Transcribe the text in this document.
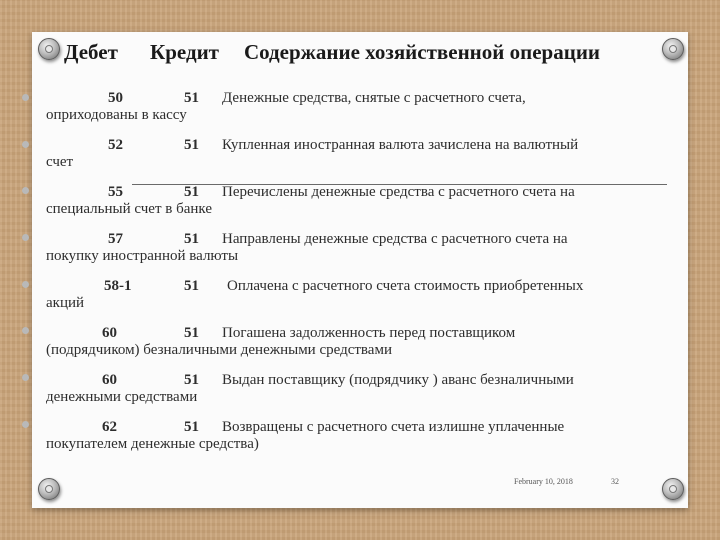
Дебет Кредит Содержание хозяйственной операции
50	51 Денежные средства, снятые с расчетного счета,
оприходованы в кассу
52	51 Купленная иностранная валюта зачислена на валютный
счет
55	51 Перечислены денежные средства с расчетного счета на
специальный счет в банке
57	51 Направлены денежные средства с расчетного счета на
покупку иностранной валюты
58-1	51 Оплачена с расчетного счета стоимость приобретенных
акций
60	51 Погашена задолженность перед поставщиком
(подрядчиком) безналичными денежными средствами
60	51 Выдан поставщику (подрядчику ) аванс безналичными
денежными средствами
62	51 Возвращены с расчетного счета излишне уплаченные
покупателем денежные средства)
February 10, 2018	32
